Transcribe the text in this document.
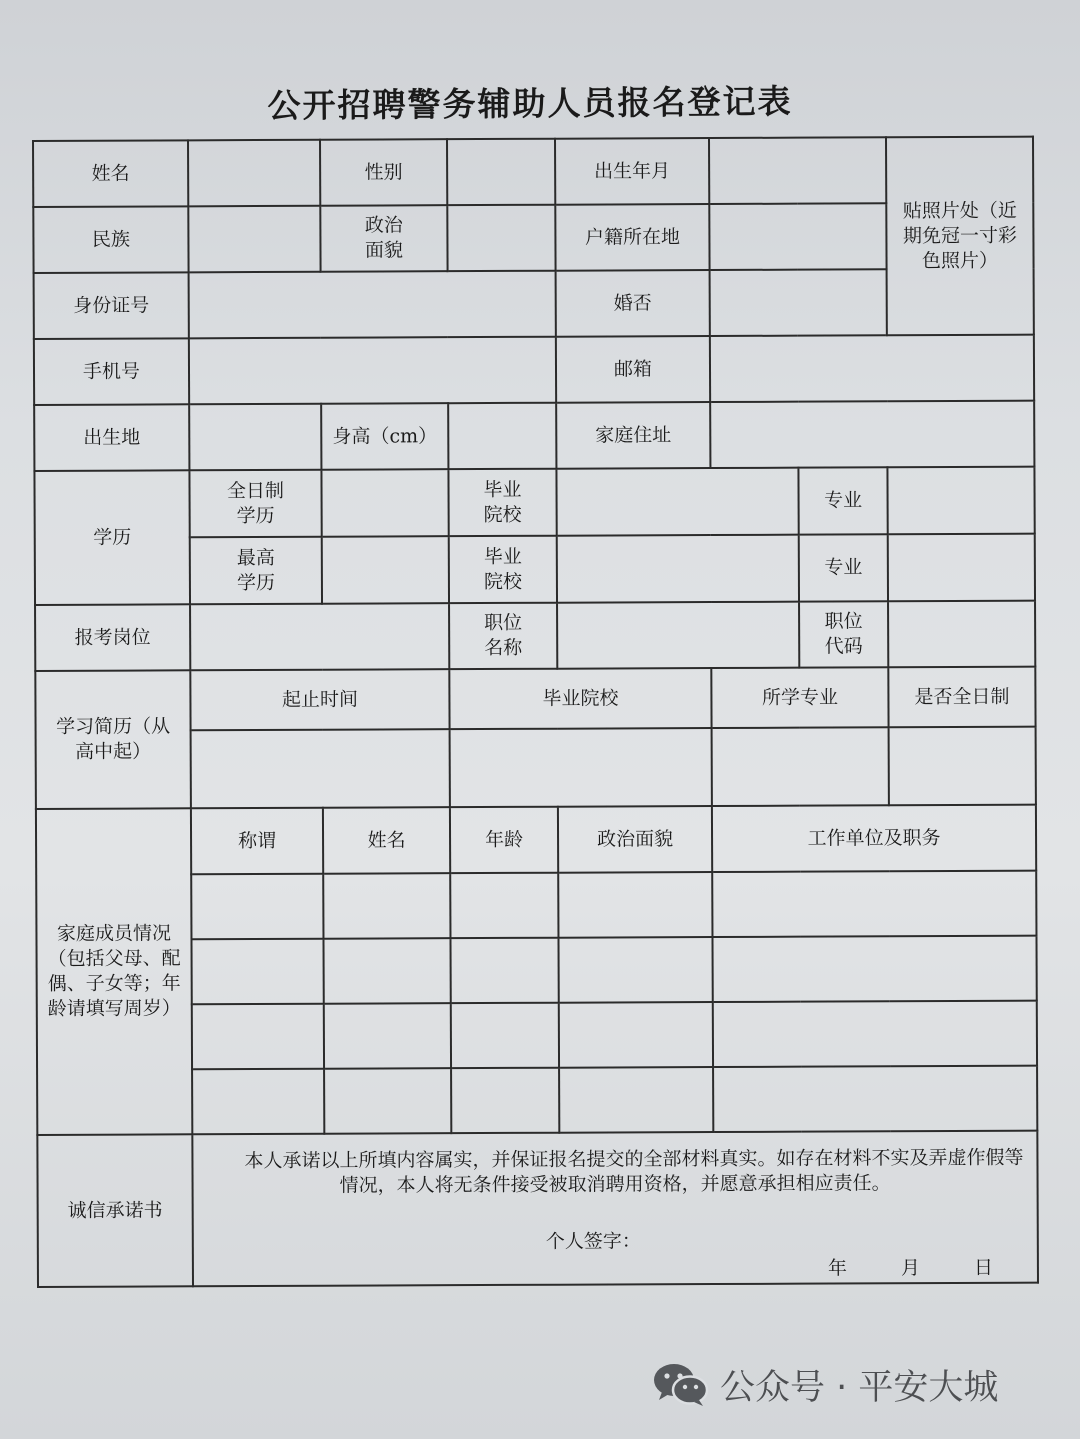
公开招聘警务辅助人员报名登记表
姓名		性别		出生年月			贴照片处（近期免冠一寸彩色照片）
民族		政治面貌		户籍所在地			
身份证号				婚否			
手机号				邮箱			
出生地		身高（cm）		家庭住址			
学历	全日制学历		毕业院校			专业	
	最高学历		毕业院校			专业	
报考岗位			职位名称			职位代码	
学习简历（从高中起）	起止时间		毕业院校		所学专业		是否全日制

家庭成员情况（包括父母、配偶、子女等；年龄请填写周岁）	称谓	姓名	年龄	政治面貌	工作单位及职务		

诚信承诺书	本人承诺以上所填内容属实，并保证报名提交的全部材料真实。如存在材料不实及弄虚作假等情况，本人将无条件接受被取消聘用资格，并愿意承担相应责任。
个人签字：
年 月 日						
公众号 · 平安大城
